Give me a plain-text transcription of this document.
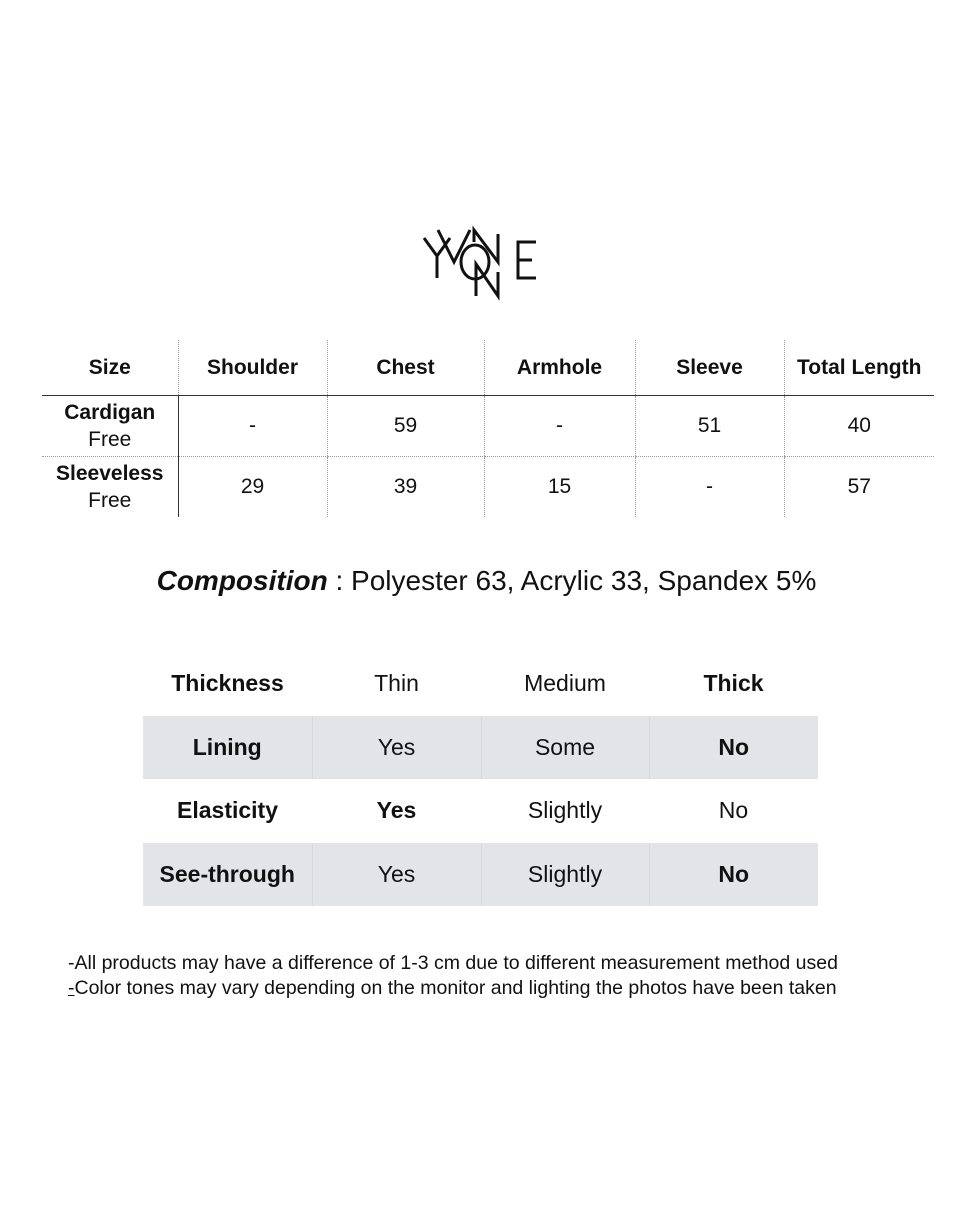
Size	Shoulder	Chest	Armhole	Sleeve	Total Length

Cardigan
Free	-	59	-	51	40

Sleeveless
Free	29	39	15	-	57
Composition : Polyester 63, Acrylic 33, Spandex 5%
Thickness	Thin	Medium	Thick
Lining	Yes	Some	No
Elasticity	Yes	Slightly	No
See-through	Yes	Slightly	No
-All products may have a difference of 1-3 cm due to different measurement method used
-Color tones may vary depending on the monitor and lighting the photos have been taken
